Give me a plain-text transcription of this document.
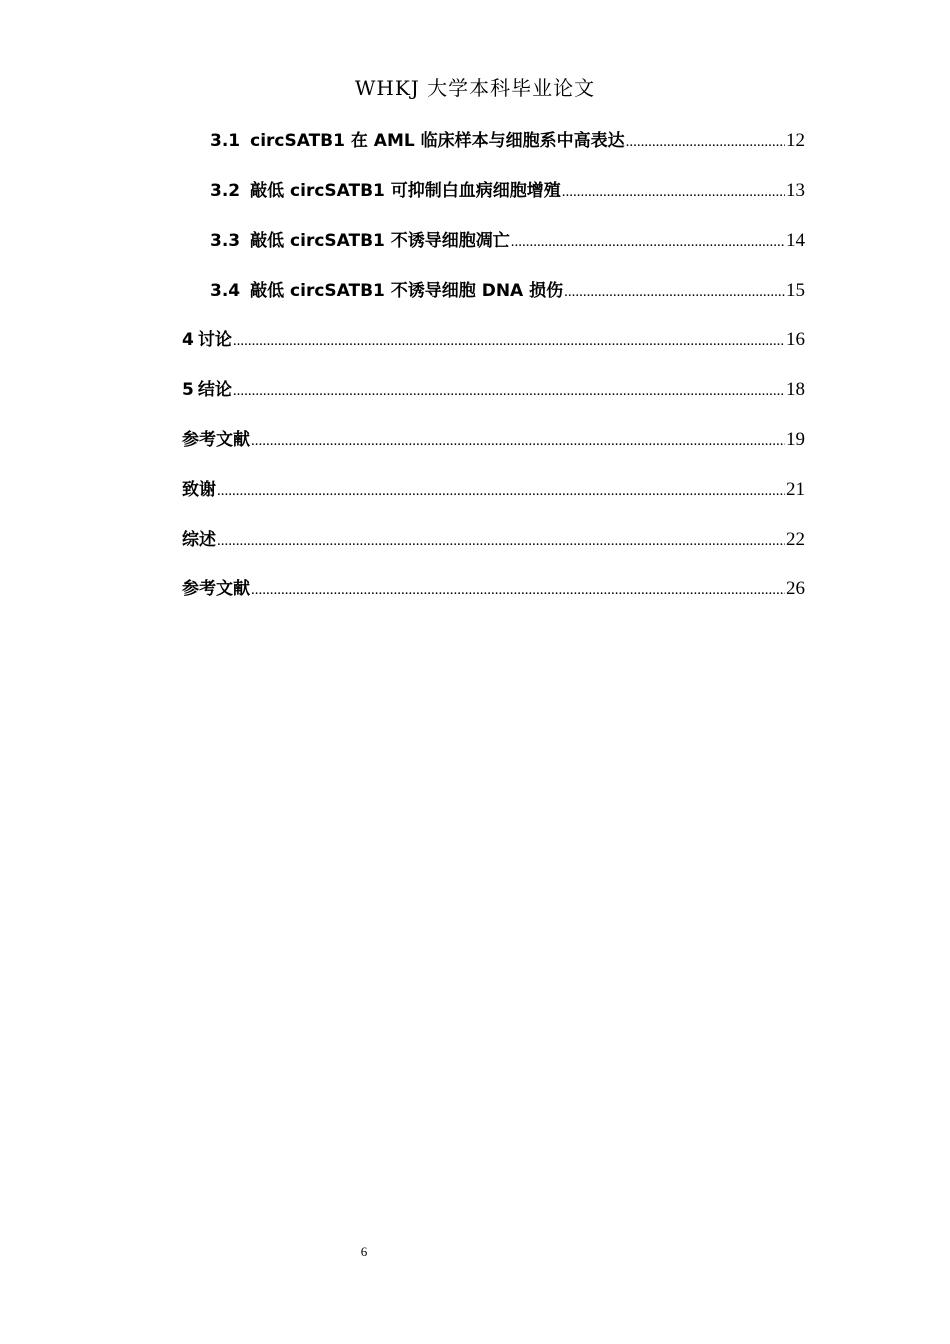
WHKJ 大学本科毕业论文
3.1 circSATB1 在 AML 临床样本与细胞系中高表达 .....	12
3.2 敲低 circSATB1 可抑制白血病细胞增殖 .....	13
3.3 敲低 circSATB1 不诱导细胞凋亡 .....	14
3.4 敲低 circSATB1 不诱导细胞 DNA 损伤 .....	15
4 讨论 .....	16
5 结论 .....	18
参考文献 .....	19
致谢 .....	21
综述 .....	22
参考文献 .....	26
6
